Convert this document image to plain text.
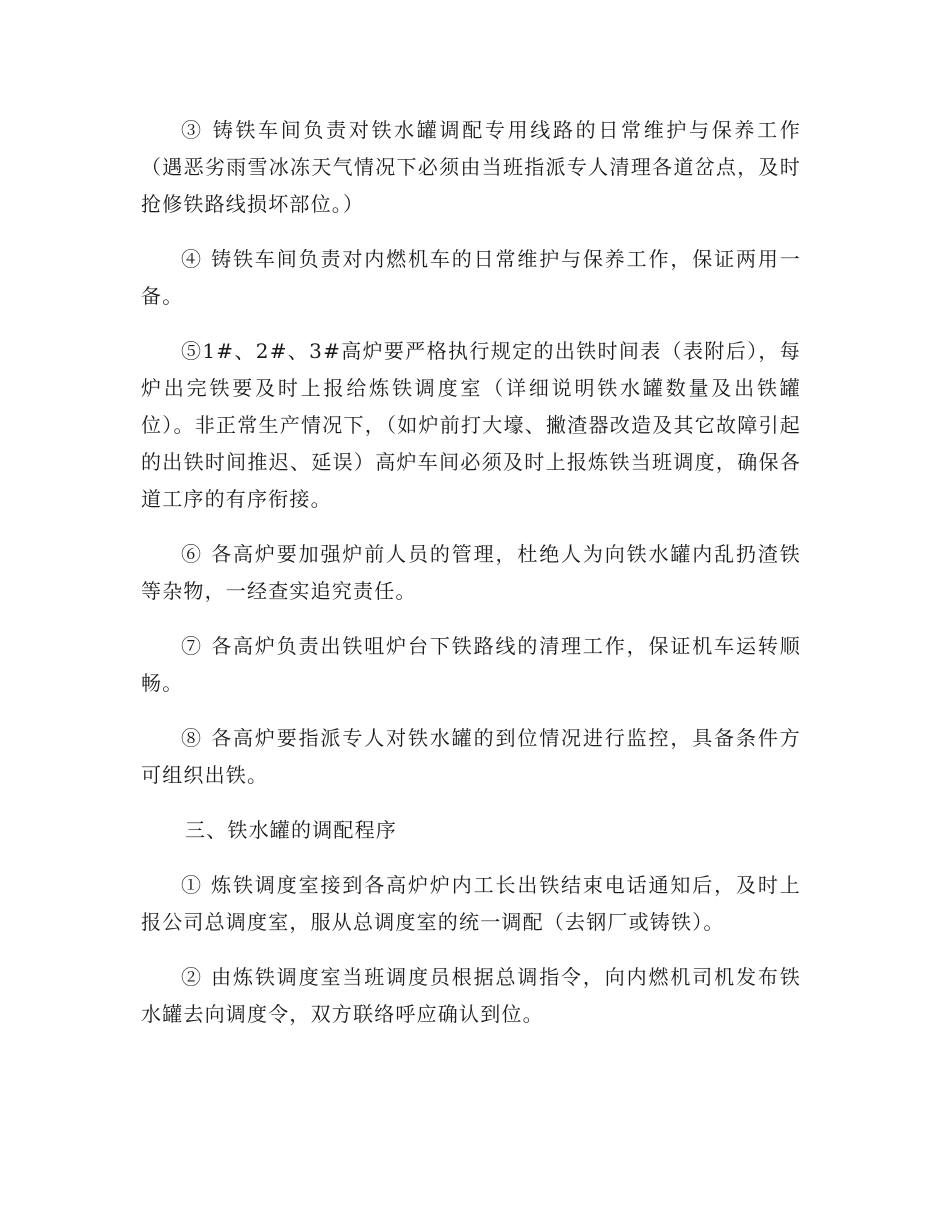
③ 铸铁车间负责对铁水罐调配专用线路的日常维护与保养工作（遇恶劣雨雪冰冻天气情况下必须由当班指派专人清理各道岔点，及时抢修铁路线损坏部位。）

④ 铸铁车间负责对内燃机车的日常维护与保养工作，保证两用一备。

⑤1#、2#、3#高炉要严格执行规定的出铁时间表（表附后），每炉出完铁要及时上报给炼铁调度室（详细说明铁水罐数量及出铁罐位）。非正常生产情况下，（如炉前打大壕、撇渣器改造及其它故障引起的出铁时间推迟、延误）高炉车间必须及时上报炼铁当班调度，确保各道工序的有序衔接。

⑥ 各高炉要加强炉前人员的管理，杜绝人为向铁水罐内乱扔渣铁等杂物，一经查实追究责任。

⑦ 各高炉负责出铁咀炉台下铁路线的清理工作，保证机车运转顺畅。

⑧ 各高炉要指派专人对铁水罐的到位情况进行监控，具备条件方可组织出铁。

三、铁水罐的调配程序

① 炼铁调度室接到各高炉炉内工长出铁结束电话通知后，及时上报公司总调度室，服从总调度室的统一调配（去钢厂或铸铁）。

② 由炼铁调度室当班调度员根据总调指令，向内燃机司机发布铁水罐去向调度令，双方联络呼应确认到位。
